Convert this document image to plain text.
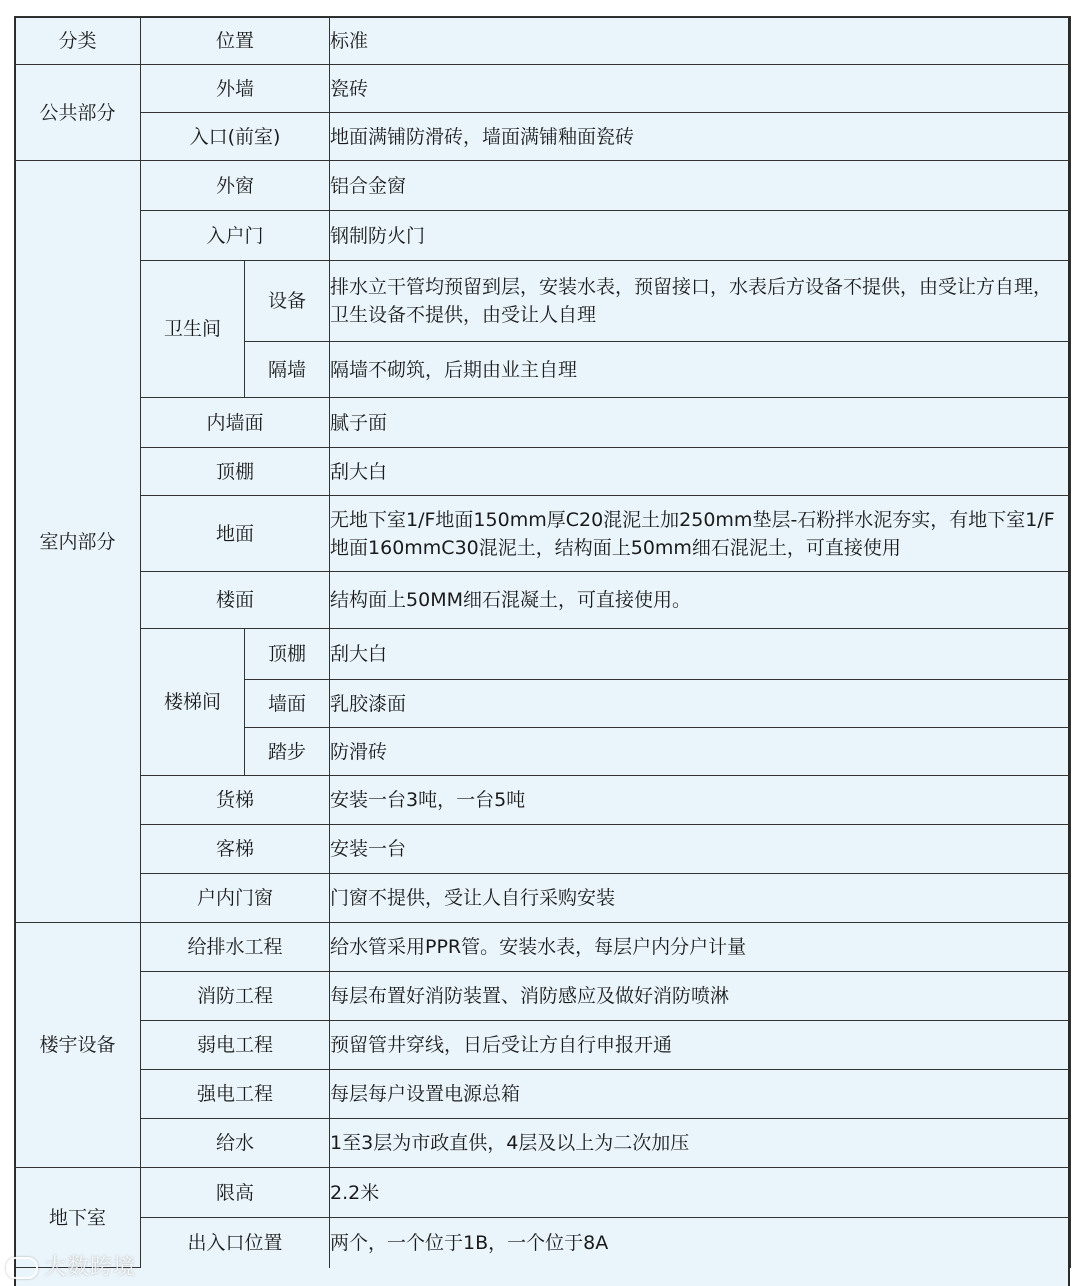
分类	位置		标准
公共部分	外墙		瓷砖
	入口(前室)		地面满铺防滑砖，墙面满铺釉面瓷砖
室内部分	外窗		铝合金窗
	入户门		钢制防火门
	卫生间	设备	排水立干管均预留到层，安装水表，预留接口，水表后方设备不提供，由受让方自理，卫生设备不提供，由受让人自理
		隔墙	隔墙不砌筑，后期由业主自理
	内墙面		腻子面
	顶棚		刮大白
	地面		无地下室1/F地面150mm厚C20混泥土加250mm垫层-石粉拌水泥夯实，有地下室1/F地面160mmC30混泥土，结构面上50mm细石混泥土，可直接使用
	楼面		结构面上50MM细石混凝土，可直接使用。
	楼梯间	顶棚	刮大白
		墙面	乳胶漆面
		踏步	防滑砖
	货梯		安装一台3吨，一台5吨
	客梯		安装一台
	户内门窗		门窗不提供，受让人自行采购安装
楼宇设备	给排水工程		给水管采用PPR管。安装水表，每层户内分户计量
	消防工程		每层布置好消防装置、消防感应及做好消防喷淋
	弱电工程		预留管井穿线，日后受让方自行申报开通
	强电工程		每层每户设置电源总箱
	给水		1至3层为市政直供，4层及以上为二次加压
地下室	限高		2.2米
	出入口位置		两个，一个位于1B，一个位于8A
大数跨境
